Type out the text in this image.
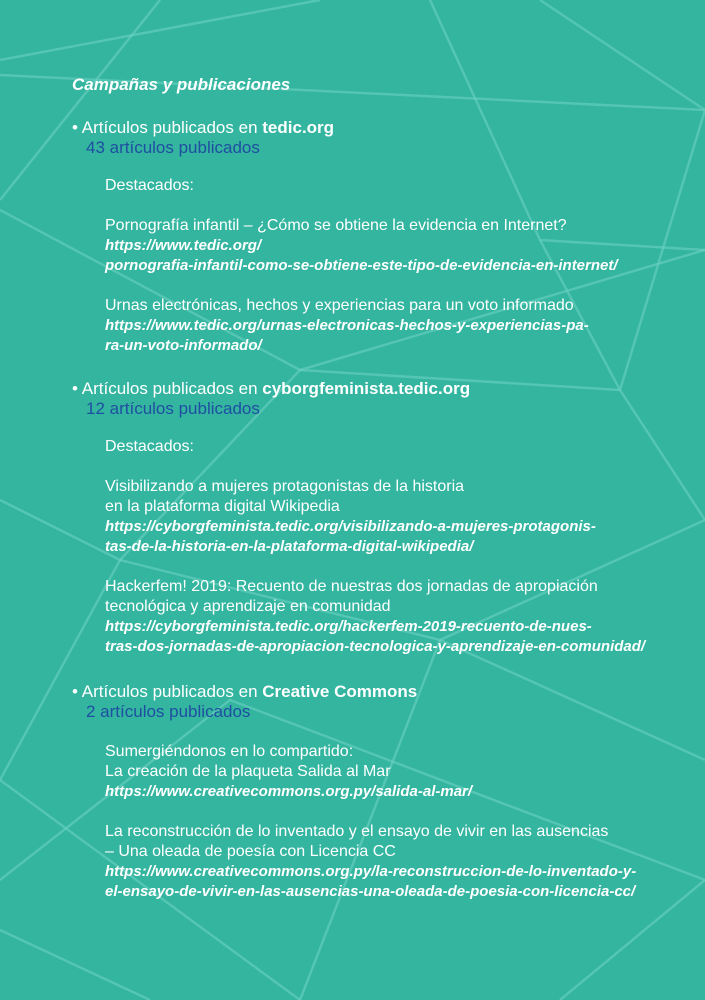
Campañas y publicaciones
• Artículos publicados en tedic.org
43 artículos publicados
Destacados:
Pornografía infantil – ¿Cómo se obtiene la evidencia en Internet?
https://www.tedic.org/
pornografia-infantil-como-se-obtiene-este-tipo-de-evidencia-en-internet/
Urnas electrónicas, hechos y experiencias para un voto informado
https://www.tedic.org/urnas-electronicas-hechos-y-experiencias-pa-
ra-un-voto-informado/
• Artículos publicados en cyborgfeminista.tedic.org
12 artículos publicados
Destacados:
Visibilizando a mujeres protagonistas de la historia
en la plataforma digital Wikipedia
https://cyborgfeminista.tedic.org/visibilizando-a-mujeres-protagonis-
tas-de-la-historia-en-la-plataforma-digital-wikipedia/
Hackerfem! 2019: Recuento de nuestras dos jornadas de apropiación
tecnológica y aprendizaje en comunidad
https://cyborgfeminista.tedic.org/hackerfem-2019-recuento-de-nues-
tras-dos-jornadas-de-apropiacion-tecnologica-y-aprendizaje-en-comunidad/
• Artículos publicados en Creative Commons
2 artículos publicados
Sumergiéndonos en lo compartido:
La creación de la plaqueta Salida al Mar
https://www.creativecommons.org.py/salida-al-mar/
La reconstrucción de lo inventado y el ensayo de vivir en las ausencias
– Una oleada de poesía con Licencia CC
https://www.creativecommons.org.py/la-reconstruccion-de-lo-inventado-y-
el-ensayo-de-vivir-en-las-ausencias-una-oleada-de-poesia-con-licencia-cc/
